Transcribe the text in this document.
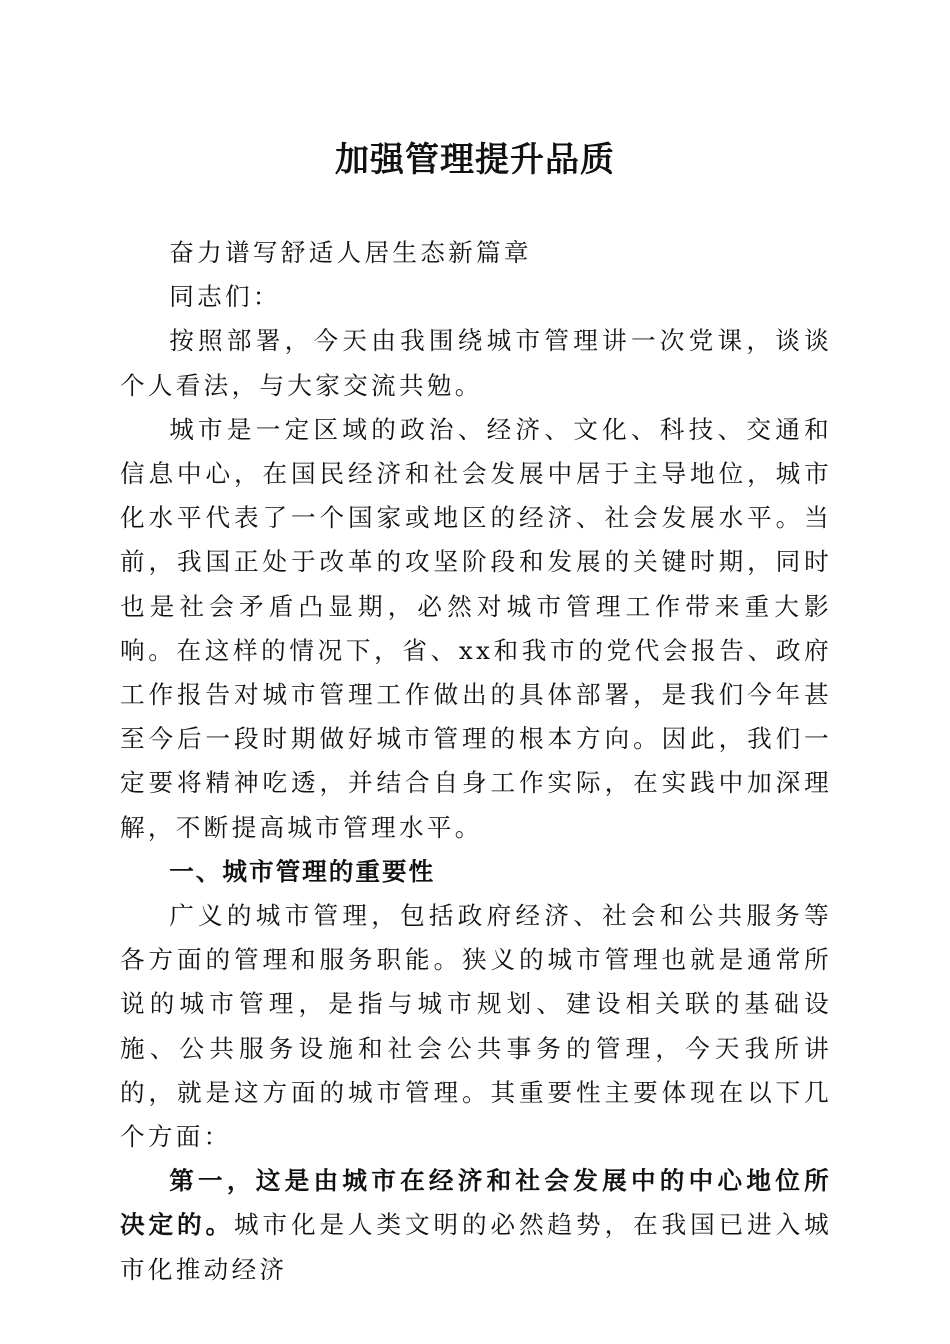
加强管理提升品质

奋力谱写舒适人居生态新篇章

同志们：

按照部署，今天由我围绕城市管理讲一次党课，谈谈个人看法，与大家交流共勉。

城市是一定区域的政治、经济、文化、科技、交通和信息中心，在国民经济和社会发展中居于主导地位，城市化水平代表了一个国家或地区的经济、社会发展水平。当前，我国正处于改革的攻坚阶段和发展的关键时期，同时也是社会矛盾凸显期，必然对城市管理工作带来重大影响。在这样的情况下，省、xx和我市的党代会报告、政府工作报告对城市管理工作做出的具体部署，是我们今年甚至今后一段时期做好城市管理的根本方向。因此，我们一定要将精神吃透，并结合自身工作实际，在实践中加深理解，不断提高城市管理水平。

一、城市管理的重要性

广义的城市管理，包括政府经济、社会和公共服务等各方面的管理和服务职能。狭义的城市管理也就是通常所说的城市管理，是指与城市规划、建设相关联的基础设施、公共服务设施和社会公共事务的管理，今天我所讲的，就是这方面的城市管理。其重要性主要体现在以下几个方面：

第一，这是由城市在经济和社会发展中的中心地位所决定的。城市化是人类文明的必然趋势，在我国已进入城市化推动经济
